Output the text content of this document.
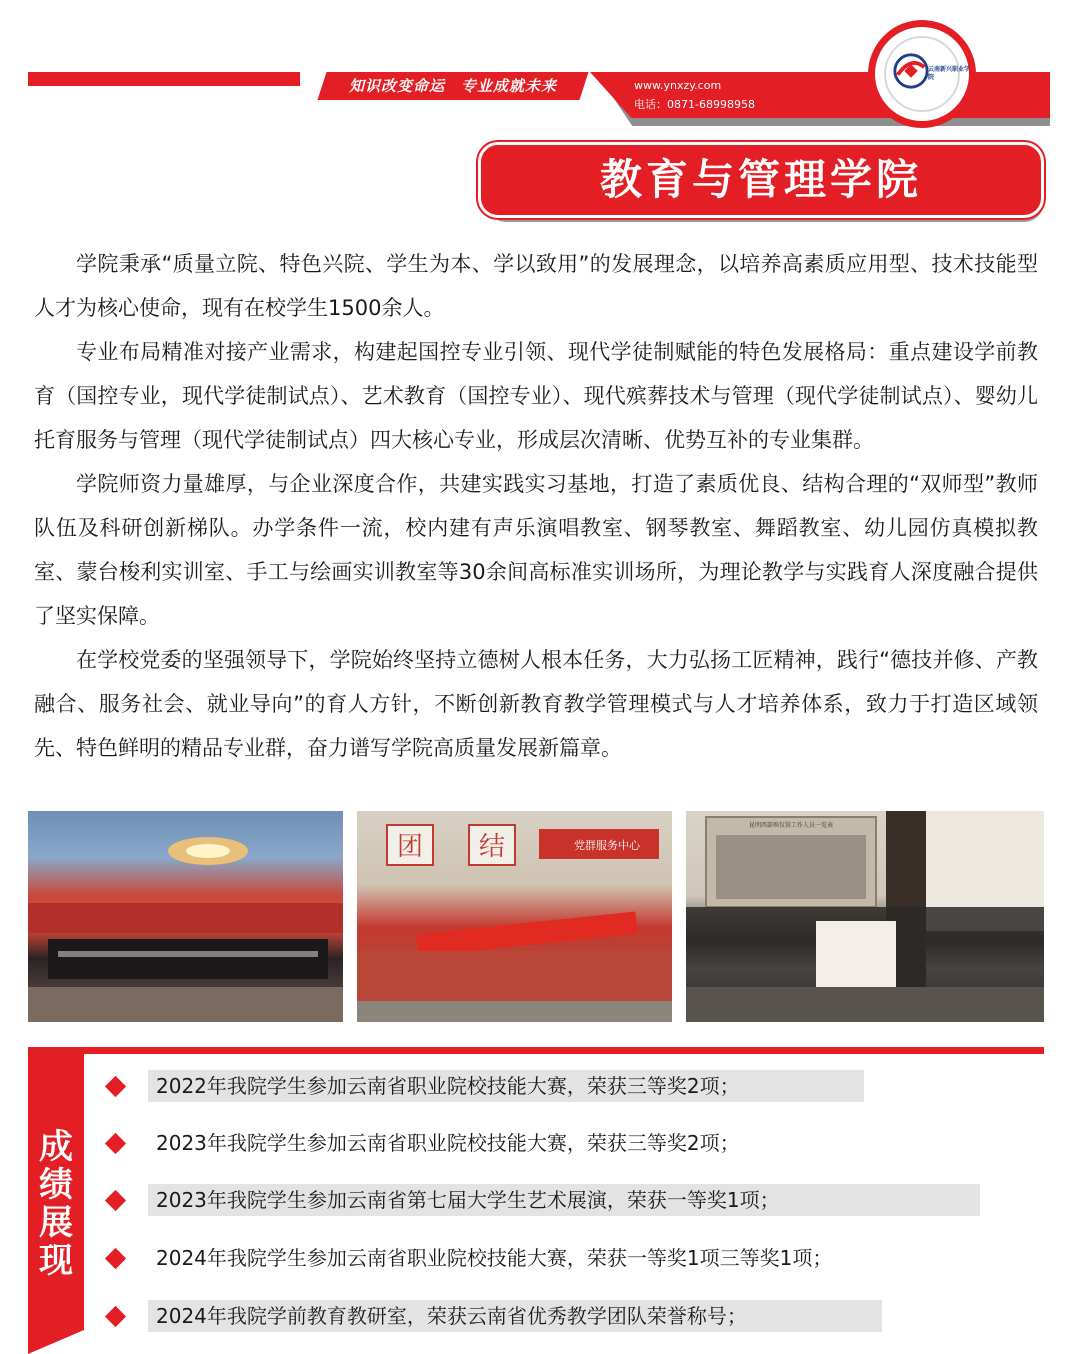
知识改变命运　专业成就未来	www.ynxzy.com
电话：0871-68998958
云南新兴职业学院
教育与管理学院

学院秉承“质量立院、特色兴院、学生为本、学以致用”的发展理念，以培养高素质应用型、技术技能型人才为核心使命，现有在校学生1500余人。

专业布局精准对接产业需求，构建起国控专业引领、现代学徒制赋能的特色发展格局：重点建设学前教育（国控专业，现代学徒制试点）、艺术教育（国控专业）、现代殡葬技术与管理（现代学徒制试点）、婴幼儿托育服务与管理（现代学徒制试点）四大核心专业，形成层次清晰、优势互补的专业集群。

学院师资力量雄厚，与企业深度合作，共建实践实习基地，打造了素质优良、结构合理的“双师型”教师队伍及科研创新梯队。办学条件一流，校内建有声乐演唱教室、钢琴教室、舞蹈教室、幼儿园仿真模拟教室、蒙台梭利实训室、手工与绘画实训教室等30余间高标准实训场所，为理论教学与实践育人深度融合提供了坚实保障。

在学校党委的坚强领导下，学院始终坚持立德树人根本任务，大力弘扬工匠精神，践行“德技并修、产教融合、服务社会、就业导向”的育人方针，不断创新教育教学管理模式与人才培养体系，致力于打造区域领先、特色鲜明的精品专业群，奋力谱写学院高质量发展新篇章。

团 结	党群服务中心
昆明西部殡仪馆工作人员一览表
成绩展现
2022年我院学生参加云南省职业院校技能大赛，荣获三等奖2项；
2023年我院学生参加云南省职业院校技能大赛，荣获三等奖2项；
2023年我院学生参加云南省第七届大学生艺术展演，荣获一等奖1项；
2024年我院学生参加云南省职业院校技能大赛，荣获一等奖1项三等奖1项；
2024年我院学前教育教研室，荣获云南省优秀教学团队荣誉称号；
